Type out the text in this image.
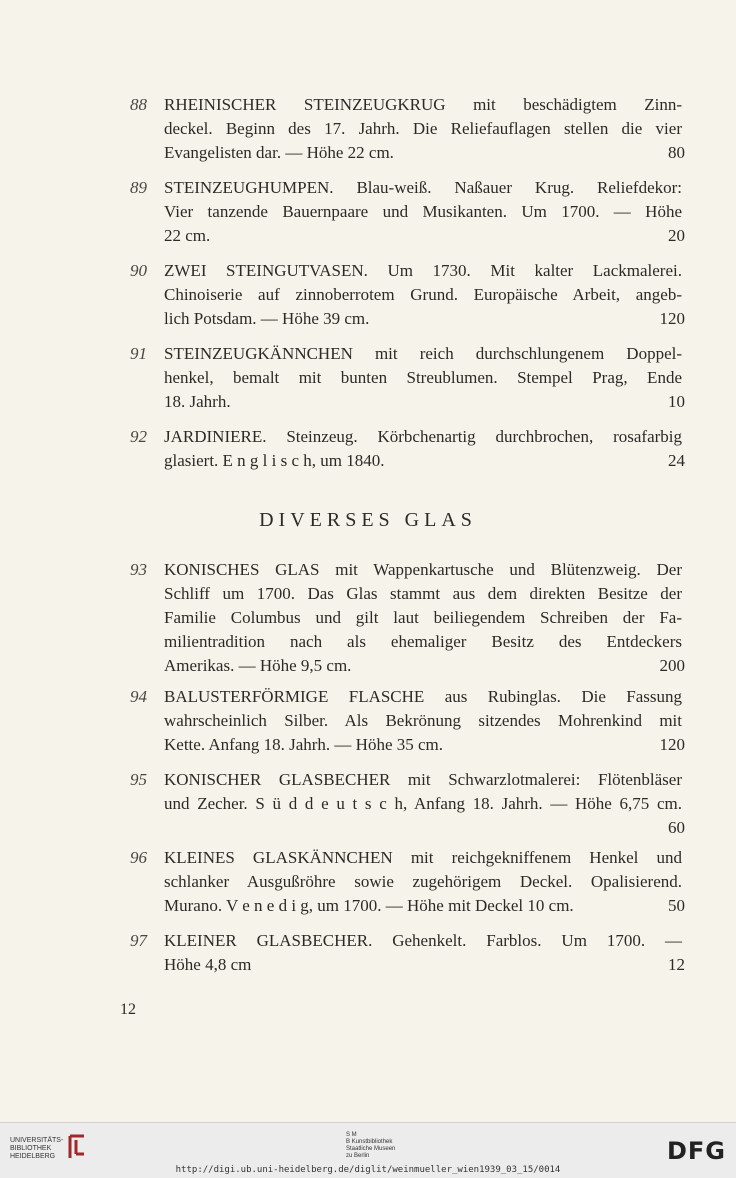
88	RHEINISCHER STEINZEUGKRUG mit beschädigtem Zinn-
deckel. Beginn des 17. Jahrh. Die Reliefauflagen stellen die vier
Evangelisten dar. — Höhe 22 cm.	80
89	STEINZEUGHUMPEN. Blau-weiß. Naßauer Krug. Reliefdekor:
Vier tanzende Bauernpaare und Musikanten. Um 1700. — Höhe
22 cm.	20
90	ZWEI STEINGUTVASEN. Um 1730. Mit kalter Lackmalerei.
Chinoiserie auf zinnoberrotem Grund. Europäische Arbeit, angeb-
lich Potsdam. — Höhe 39 cm.	120
91	STEINZEUGKÄNNCHEN mit reich durchschlungenem Doppel-
henkel, bemalt mit bunten Streublumen. Stempel Prag, Ende
18. Jahrh.	10
92	JARDINIERE. Steinzeug. Körbchenartig durchbrochen, rosafarbig
glasiert. E n g l i s c h, um 1840.	24
DIVERSES GLAS
93	KONISCHES GLAS mit Wappenkartusche und Blütenzweig. Der
Schliff um 1700. Das Glas stammt aus dem direkten Besitze der
Familie Columbus und gilt laut beiliegendem Schreiben der Fa-
milientradition nach als ehemaliger Besitz des Entdeckers
Amerikas. — Höhe 9,5 cm.	200
94	BALUSTERFÖRMIGE FLASCHE aus Rubinglas. Die Fassung
wahrscheinlich Silber. Als Bekrönung sitzendes Mohrenkind mit
Kette. Anfang 18. Jahrh. — Höhe 35 cm.	120
95	KONISCHER GLASBECHER mit Schwarzlotmalerei: Flötenbläser
und Zecher. S ü d d e u t s c h, Anfang 18. Jahrh. — Höhe 6,75 cm.
60
96	KLEINES GLASKÄNNCHEN mit reichgekniffenem Henkel und
schlanker Ausgußröhre sowie zugehörigem Deckel. Opalisierend.
Murano. V e n e d i g, um 1700. — Höhe mit Deckel 10 cm.	50
97	KLEINER GLASBECHER. Gehenkelt. Farblos. Um 1700. —
Höhe 4,8 cm	12
12
UNIVERSITÄTS-
BIBLIOTHEK
HEIDELBERG
S M
B Kunstbibliothek
Staatliche Museen
zu Berlin
http://digi.ub.uni-heidelberg.de/diglit/weinmueller_wien1939_03_15/0014
DFG
